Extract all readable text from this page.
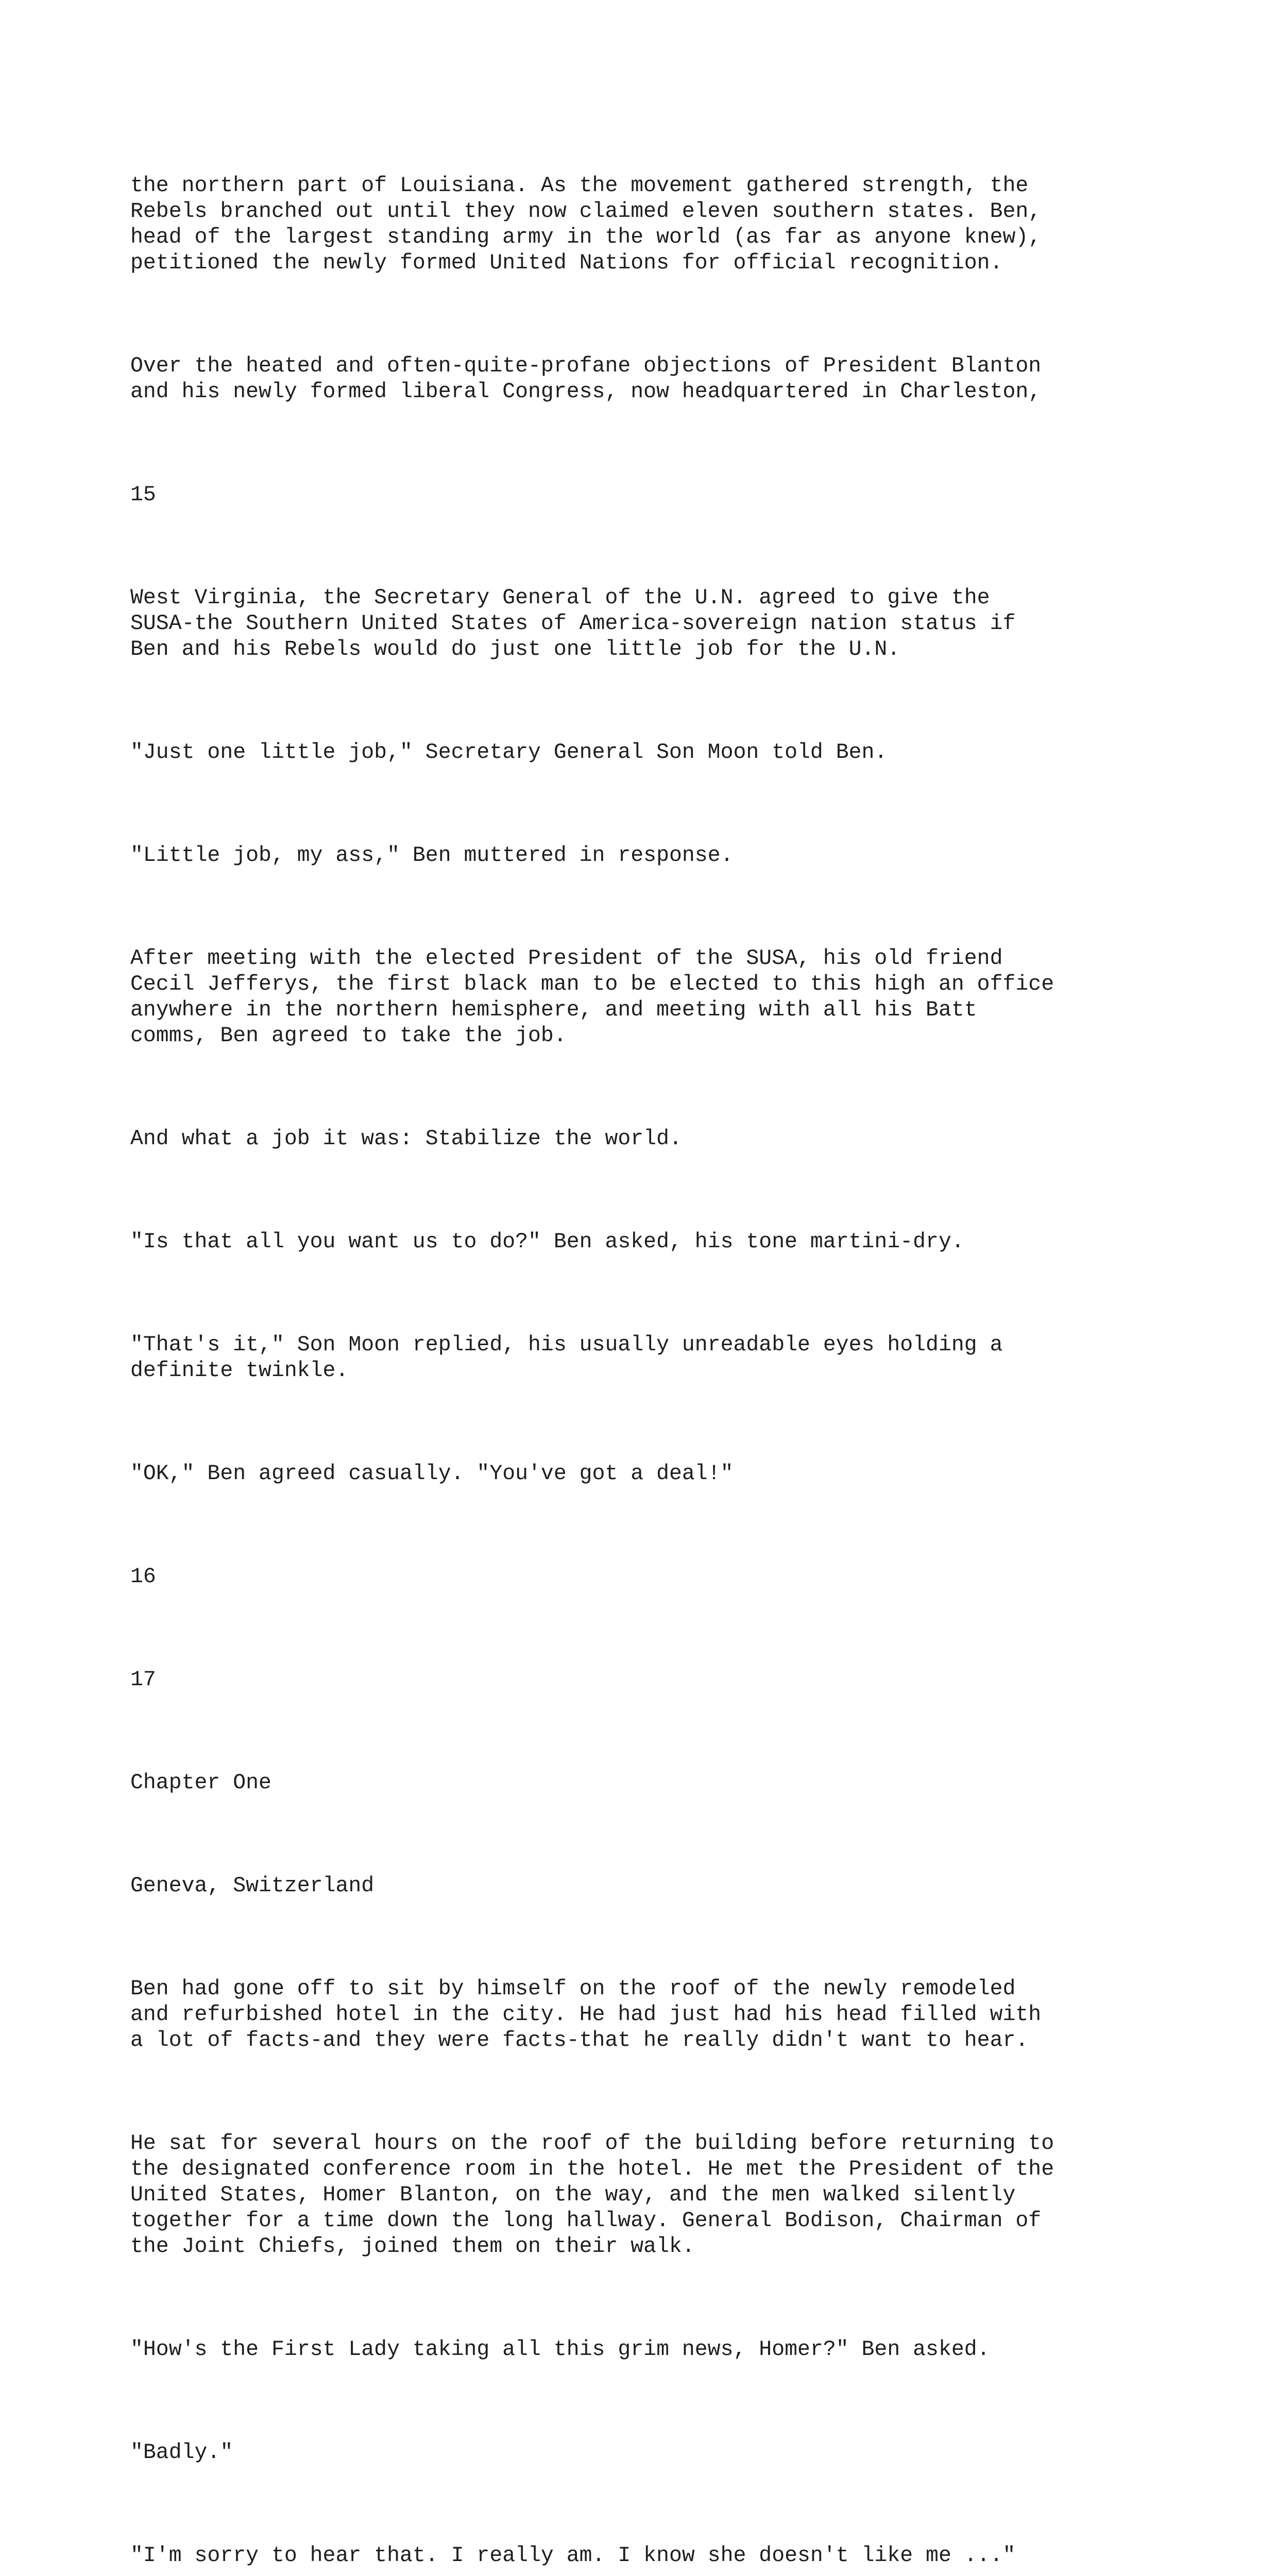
the northern part of Louisiana. As the movement gathered strength, the
Rebels branched out until they now claimed eleven southern states. Ben,
head of the largest standing army in the world (as far as anyone knew),
petitioned the newly formed United Nations for official recognition.

Over the heated and often-quite-profane objections of President Blanton
and his newly formed liberal Congress, now headquartered in Charleston,

15

West Virginia, the Secretary General of the U.N. agreed to give the
SUSA-the Southern United States of America-sovereign nation status if
Ben and his Rebels would do just one little job for the U.N.

"Just one little job," Secretary General Son Moon told Ben.

"Little job, my ass," Ben muttered in response.

After meeting with the elected President of the SUSA, his old friend
Cecil Jefferys, the first black man to be elected to this high an office
anywhere in the northern hemisphere, and meeting with all his Batt
comms, Ben agreed to take the job.

And what a job it was: Stabilize the world.

"Is that all you want us to do?" Ben asked, his tone martini-dry.

"That's it," Son Moon replied, his usually unreadable eyes holding a
definite twinkle.

"OK," Ben agreed casually. "You've got a deal!"

16

17

Chapter One

Geneva, Switzerland

Ben had gone off to sit by himself on the roof of the newly remodeled
and refurbished hotel in the city. He had just had his head filled with
a lot of facts-and they were facts-that he really didn't want to hear.

He sat for several hours on the roof of the building before returning to
the designated conference room in the hotel. He met the President of the
United States, Homer Blanton, on the way, and the men walked silently
together for a time down the long hallway. General Bodison, Chairman of
the Joint Chiefs, joined them on their walk.

"How's the First Lady taking all this grim news, Homer?" Ben asked.

"Badly."

"I'm sorry to hear that. I really am. I know she doesn't like me ..."
